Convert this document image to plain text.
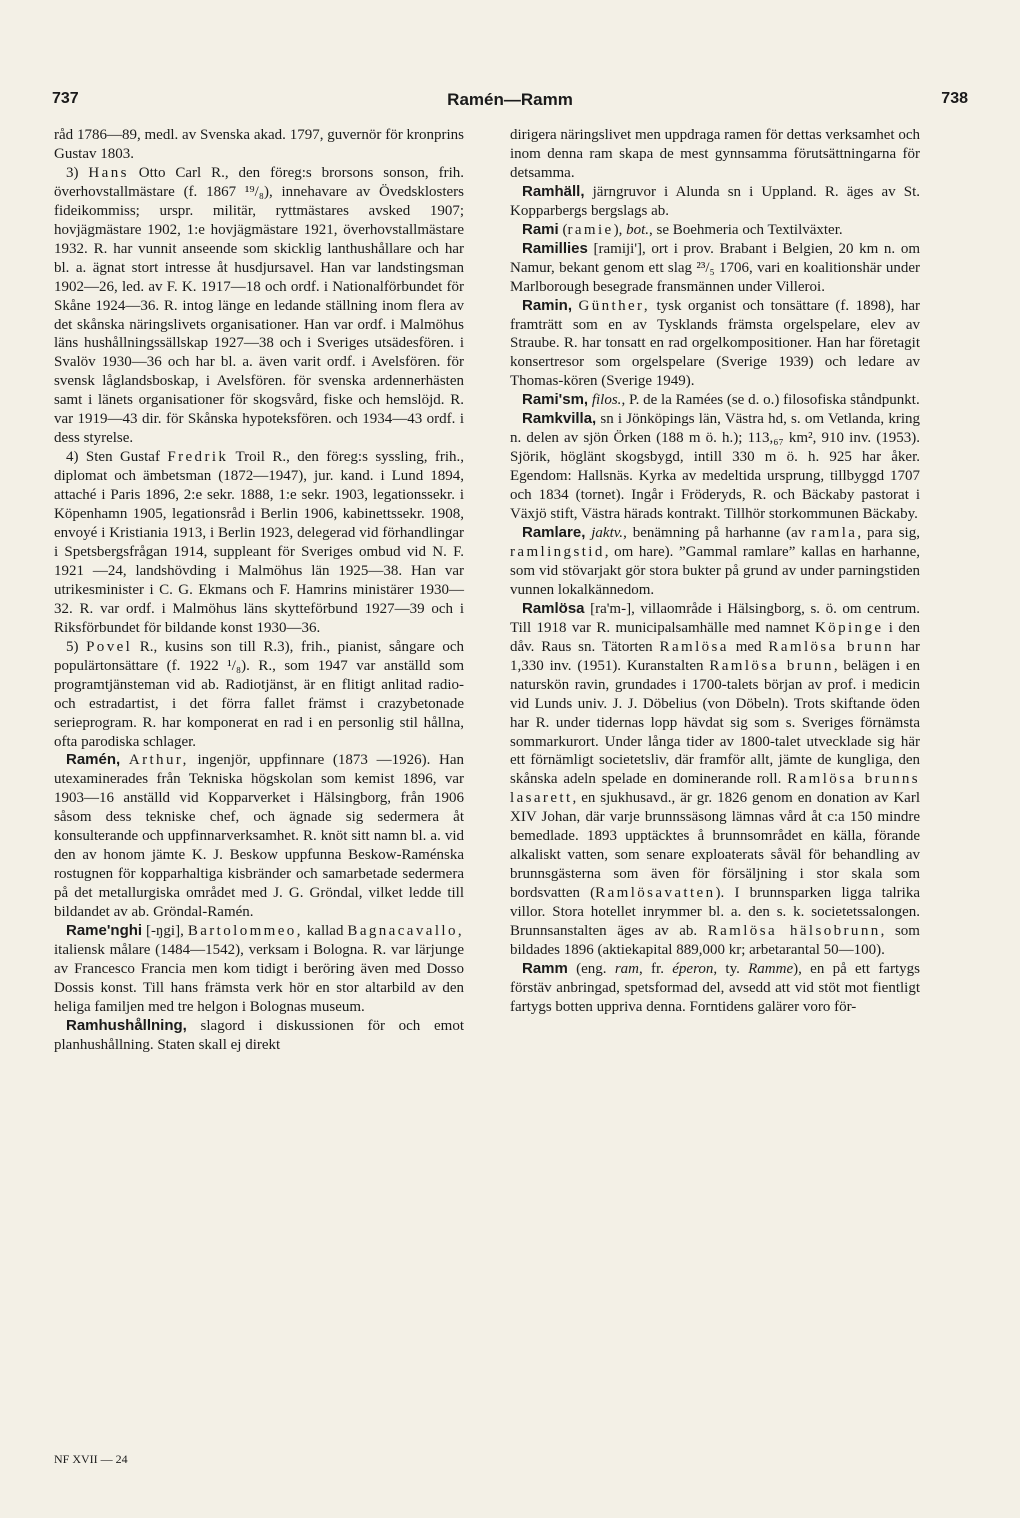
737	Ramén—Ramm	738

råd 1786—89, medl. av Svenska akad. 1797, guvernör för kronprins Gustav 1803.

3) Hans Otto Carl R., den föreg:s brorsons sonson, frih. överhovstallmästare (f. 1867 ¹⁹/₈), innehavare av Övedsklosters fideikommiss; urspr. militär, ryttmästares avsked 1907; hovjägmästare 1902, 1:e hovjägmästare 1921, överhovstallmästare 1932. R. har vunnit anseende som skicklig lanthushållare och har bl. a. ägnat stort intresse åt husdjursavel. Han var landstingsman 1902—26, led. av F. K. 1917—18 och ordf. i Nationalförbundet för Skåne 1924—36. R. intog länge en ledande ställning inom flera av det skånska näringslivets organisationer. Han var ordf. i Malmöhus läns hushållningssällskap 1927—38 och i Sveriges utsädesfören. i Svalöv 1930—36 och har bl. a. även varit ordf. i Avelsfören. för svensk låglandsboskap, i Avelsfören. för svenska ardennerhästen samt i länets organisationer för skogsvård, fiske och hemslöjd. R. var 1919—43 dir. för Skånska hypoteksfören. och 1934—43 ordf. i dess styrelse.

4) Sten Gustaf Fredrik Troil R., den föreg:s syssling, frih., diplomat och ämbetsman (1872—1947), jur. kand. i Lund 1894, attaché i Paris 1896, 2:e sekr. 1888, 1:e sekr. 1903, legationssekr. i Köpenhamn 1905, legationsråd i Berlin 1906, kabinettssekr. 1908, envoyé i Kristiania 1913, i Berlin 1923, delegerad vid förhandlingar i Spetsbergsfrågan 1914, suppleant för Sveriges ombud vid N. F. 1921 —24, landshövding i Malmöhus län 1925—38. Han var utrikesminister i C. G. Ekmans och F. Hamrins ministärer 1930—32. R. var ordf. i Malmöhus läns skytteförbund 1927—39 och i Riksförbundet för bildande konst 1930—36.

5) Povel R., kusins son till R.3), frih., pianist, sångare och populärtonsättare (f. 1922 ¹/₈). R., som 1947 var anställd som programtjänsteman vid ab. Radiotjänst, är en flitigt anlitad radio- och estradartist, i det förra fallet främst i crazybetonade serieprogram. R. har komponerat en rad i en personlig stil hållna, ofta parodiska schlager.

Ramén, Arthur, ingenjör, uppfinnare (1873 —1926). Han utexaminerades från Tekniska högskolan som kemist 1896, var 1903—16 anställd vid Kopparverket i Hälsingborg, från 1906 såsom dess tekniske chef, och ägnade sig sedermera åt konsulterande och uppfinnarverksamhet. R. knöt sitt namn bl. a. vid den av honom jämte K. J. Beskow uppfunna Beskow-Raménska rostugnen för kopparhaltiga kisbränder och samarbetade sedermera på det metallurgiska området med J. G. Gröndal, vilket ledde till bildandet av ab. Gröndal-Ramén.

Rame'nghi [-ŋgi], Bartolommeo, kallad Bagnacavallo, italiensk målare (1484—1542), verksam i Bologna. R. var lärjunge av Francesco Francia men kom tidigt i beröring även med Dosso Dossis konst. Till hans främsta verk hör en stor altarbild av den heliga familjen med tre helgon i Bolognas museum.

Ramhushållning, slagord i diskussionen för och emot planhushållning. Staten skall ej direkt

dirigera näringslivet men uppdraga ramen för dettas verksamhet och inom denna ram skapa de mest gynnsamma förutsättningarna för detsamma.

Ramhäll, järngruvor i Alunda sn i Uppland. R. äges av St. Kopparbergs bergslags ab.

Rami (ramie), bot., se Boehmeria och Textilväxter.

Ramillies [ramiji'], ort i prov. Brabant i Belgien, 20 km n. om Namur, bekant genom ett slag ²³/₅ 1706, vari en koalitionshär under Marlborough besegrade fransmännen under Villeroi.

Ramin, Günther, tysk organist och tonsättare (f. 1898), har framträtt som en av Tysklands främsta orgelspelare, elev av Straube. R. har tonsatt en rad orgelkompositioner. Han har företagit konsertresor som orgelspelare (Sverige 1939) och ledare av Thomas-kören (Sverige 1949).

Rami'sm, filos., P. de la Ramées (se d. o.) filosofiska ståndpunkt.

Ramkvilla, sn i Jönköpings län, Västra hd, s. om Vetlanda, kring n. delen av sjön Örken (188 m ö. h.); 113,₆₇ km², 910 inv. (1953). Sjörik, höglänt skogsbygd, intill 330 m ö. h. 925 har åker. Egendom: Hallsnäs. Kyrka av medeltida ursprung, tillbyggd 1707 och 1834 (tornet). Ingår i Fröderyds, R. och Bäckaby pastorat i Växjö stift, Västra härads kontrakt. Tillhör storkommunen Bäckaby.

Ramlare, jaktv., benämning på harhanne (av ramla, para sig, ramlingstid, om hare). ”Gammal ramlare” kallas en harhanne, som vid stövarjakt gör stora bukter på grund av under parningstiden vunnen lokalkännedom.

Ramlösa [ra'm-], villaområde i Hälsingborg, s. ö. om centrum. Till 1918 var R. municipalsamhälle med namnet Köpinge i den dåv. Raus sn. Tätorten Ramlösa med Ramlösa brunn har 1,330 inv. (1951). Kuranstalten Ramlösa brunn, belägen i en naturskön ravin, grundades i 1700-talets början av prof. i medicin vid Lunds univ. J. J. Döbelius (von Döbeln). Trots skiftande öden har R. under tidernas lopp hävdat sig som s. Sveriges förnämsta sommarkurort. Under långa tider av 1800-talet utvecklade sig här ett förnämligt societetsliv, där framför allt, jämte de kungliga, den skånska adeln spelade en dominerande roll. Ramlösa brunns lasarett, en sjukhusavd., är gr. 1826 genom en donation av Karl XIV Johan, där varje brunnssäsong lämnas vård åt c:a 150 mindre bemedlade. 1893 upptäcktes å brunnsområdet en källa, förande alkaliskt vatten, som senare exploaterats såväl för behandling av brunnsgästerna som även för försäljning i stor skala som bordsvatten (Ramlösavatten). I brunnsparken ligga talrika villor. Stora hotellet inrymmer bl. a. den s. k. societetssalongen. Brunnsanstalten äges av ab. Ramlösa hälsobrunn, som bildades 1896 (aktiekapital 889,000 kr; arbetarantal 50—100).

Ramm (eng. ram, fr. éperon, ty. Ramme), en på ett fartygs förstäv anbringad, spetsformad del, avsedd att vid stöt mot fientligt fartygs botten uppriva denna. Forntidens galärer voro för-

NF XVII — 24
